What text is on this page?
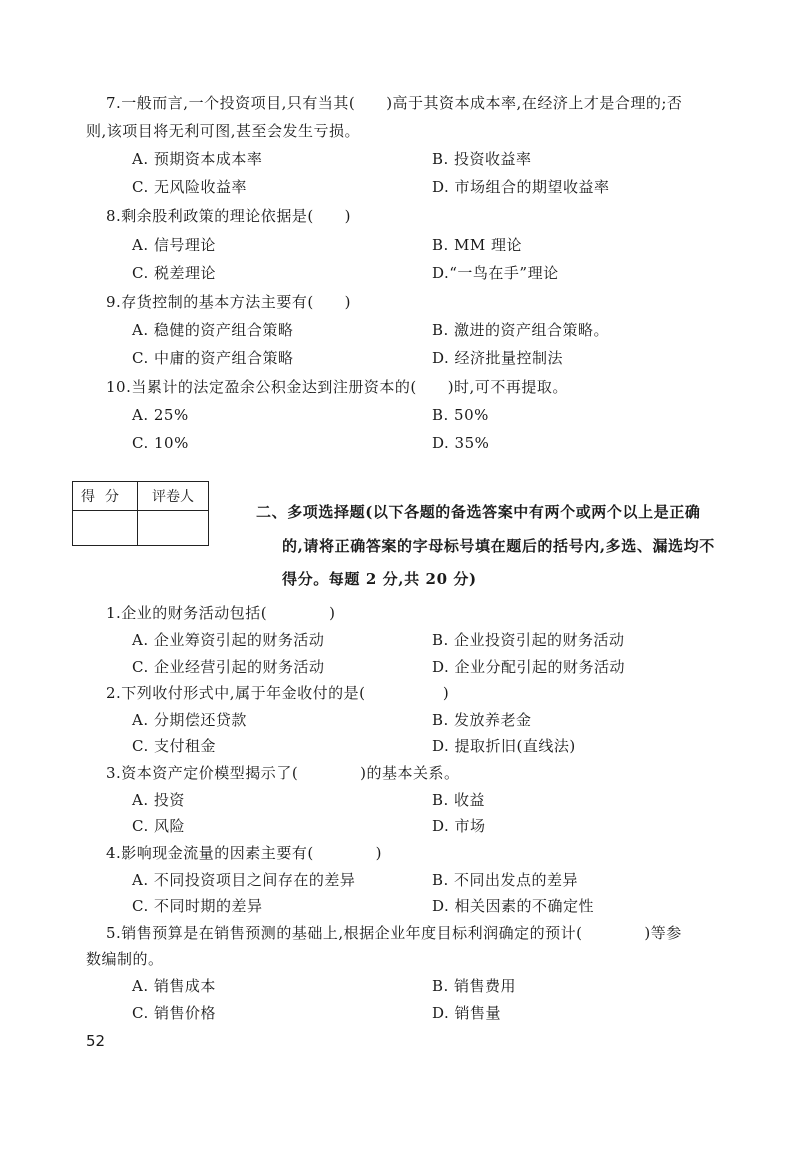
7.一般而言,一个投资项目,只有当其(　　)高于其资本成本率,在经济上才是合理的;否
则,该项目将无利可图,甚至会发生亏损。
A. 预期资本成本率	B. 投资收益率
C. 无风险收益率	D. 市场组合的期望收益率
8.剩余股利政策的理论依据是(　　)
A. 信号理论	B. MM 理论
C. 税差理论	D.“一鸟在手”理论
9.存货控制的基本方法主要有(　　)
A. 稳健的资产组合策略	B. 激进的资产组合策略。
C. 中庸的资产组合策略	D. 经济批量控制法
10.当累计的法定盈余公积金达到注册资本的(　　)时,可不再提取。
A. 25%	B. 50%
C. 10%	D. 35%
得分	评卷人

二、多项选择题(以下各题的备选答案中有两个或两个以上是正确
的,请将正确答案的字母标号填在题后的括号内,多选、漏选均不
得分。每题 2 分,共 20 分)
1.企业的财务活动包括(　　　　)
A. 企业筹资引起的财务活动	B. 企业投资引起的财务活动
C. 企业经营引起的财务活动	D. 企业分配引起的财务活动
2.下列收付形式中,属于年金收付的是(　　　　　)
A. 分期偿还贷款	B. 发放养老金
C. 支付租金	D. 提取折旧(直线法)
3.资本资产定价模型揭示了(　　　　)的基本关系。
A. 投资	B. 收益
C. 风险	D. 市场
4.影响现金流量的因素主要有(　　　　)
A. 不同投资项目之间存在的差异	B. 不同出发点的差异
C. 不同时期的差异	D. 相关因素的不确定性
5.销售预算是在销售预测的基础上,根据企业年度目标利润确定的预计(　　　　)等参
数编制的。
A. 销售成本	B. 销售费用
C. 销售价格	D. 销售量
52
